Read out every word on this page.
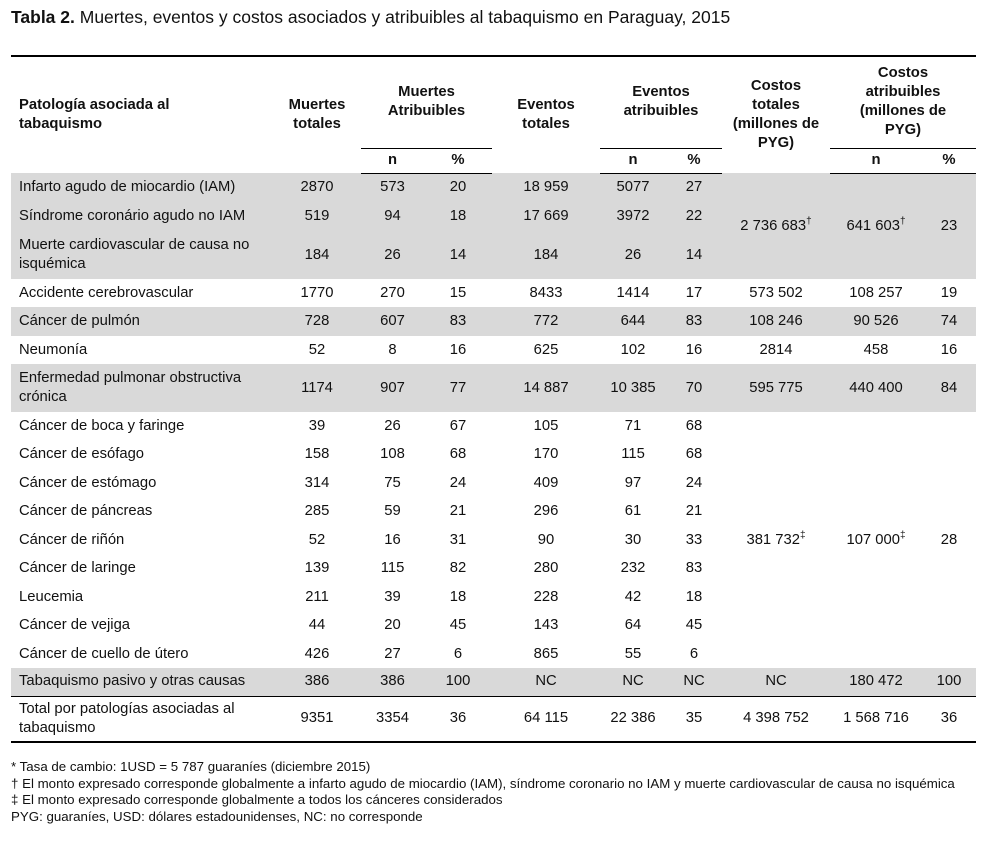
Tabla 2. Muertes, eventos y costos asociados y atribuibles al tabaquismo en Paraguay, 2015
Patología asociada al tabaquismo	Muertes totales	Muertes Atribuibles		Eventos totales	Eventos atribuibles		Costos totales (millones de PYG)	Costos atribuibles (millones de PYG)	
		n	%		n	%		n	%
Infarto agudo de miocardio (IAM)	2870	573	20	18 959	5077	27	2 736 683†	641 603†	23
Síndrome coronário agudo no IAM	519	94	18	17 669	3972	22			
Muerte cardiovascular de causa no isquémica	184	26	14	184	26	14			
Accidente cerebrovascular	1770	270	15	8433	1414	17	573 502	108 257	19
Cáncer de pulmón	728	607	83	772	644	83	108 246	90 526	74
Neumonía	52	8	16	625	102	16	2814	458	16
Enfermedad pulmonar obstructiva crónica	1174	907	77	14 887	10 385	70	595 775	440 400	84
Cáncer de boca y faringe	39	26	67	105	71	68	381 732‡	107 000‡	28
Cáncer de esófago	158	108	68	170	115	68			
Cáncer de estómago	314	75	24	409	97	24			
Cáncer de páncreas	285	59	21	296	61	21			
Cáncer de riñón	52	16	31	90	30	33			
Cáncer de laringe	139	115	82	280	232	83			
Leucemia	211	39	18	228	42	18			
Cáncer de vejiga	44	20	45	143	64	45			
Cáncer de cuello de útero	426	27	6	865	55	6			
Tabaquismo pasivo y otras causas	386	386	100	NC	NC	NC	NC	180 472	100
Total por patologías asociadas al tabaquismo	9351	3354	36	64 115	22 386	35	4 398 752	1 568 716	36
* Tasa de cambio: 1USD = 5 787 guaraníes (diciembre 2015)
† El monto expresado corresponde globalmente a infarto agudo de miocardio (IAM), síndrome coronario no IAM y muerte cardiovascular de causa no isquémica
‡ El monto expresado corresponde globalmente a todos los cánceres considerados
PYG: guaraníes, USD: dólares estadounidenses, NC: no corresponde
